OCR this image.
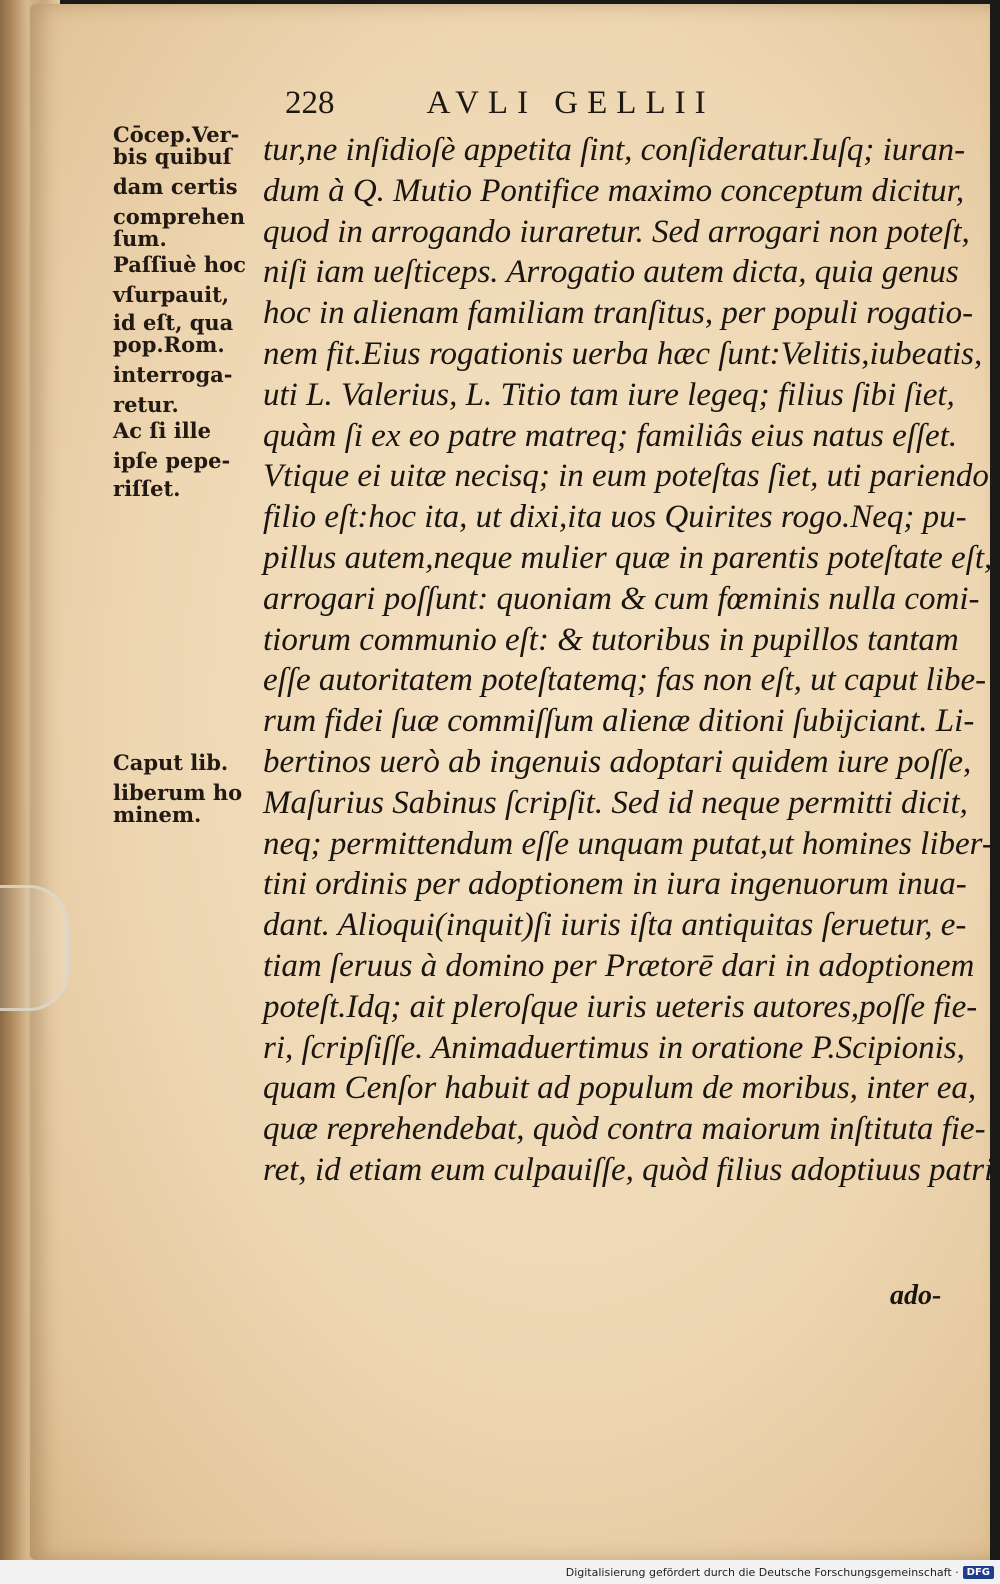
228	AVLI GELLII
Cōcep.Ver-
bis quibuſ
dam certis
comprehen
ſum.
Paſſiuè hoc
vſurpauit,
id eſt, qua
pop.Rom.
interroga-
retur.
Ac ſi ille
ipſe pepe-
riſſet.
Caput lib.
liberum ho
minem.
tur,ne inſidioſè appetita ſint, conſideratur.Iuſq; iuran-
dum à Q. Mutio Pontifice maximo conceptum dicitur,
quod in arrogando iuraretur. Sed arrogari non poteſt,
niſi iam ueſticeps. Arrogatio autem dicta, quia genus
hoc in alienam familiam tranſitus, per populi rogatio-
nem fit.Eius rogationis uerba hæc ſunt:Velitis,iubeatis,
uti L. Valerius, L. Titio tam iure legeq; filius ſibi ſiet,
quàm ſi ex eo patre matreq; familiâs eius natus eſſet.
Vtique ei uitæ necisq; in eum poteſtas ſiet, uti pariendo
filio eſt:hoc ita, ut dixi,ita uos Quirites rogo.Neq; pu-
pillus autem,neque mulier quæ in parentis poteſtate eſt,
arrogari poſſunt: quoniam & cum fœminis nulla comi-
tiorum communio eſt: & tutoribus in pupillos tantam
eſſe autoritatem poteſtatemq; fas non eſt, ut caput libe-
rum fidei ſuæ commiſſum alienæ ditioni ſubijciant. Li-
bertinos uerò ab ingenuis adoptari quidem iure poſſe,
Maſurius Sabinus ſcripſit. Sed id neque permitti dicit,
neq; permittendum eſſe unquam putat,ut homines liber-
tini ordinis per adoptionem in iura ingenuorum inua-
dant. Alioqui(inquit)ſi iuris iſta antiquitas ſeruetur, e-
tiam ſeruus à domino per Prætorē dari in adoptionem
poteſt.Idq; ait pleroſque iuris ueteris autores,poſſe fie-
ri, ſcripſiſſe. Animaduertimus in oratione P.Scipionis,
quam Cenſor habuit ad populum de moribus, inter ea,
quæ reprehendebat, quòd contra maiorum inſtituta fie-
ret, id etiam eum culpauiſſe, quòd filius adoptiuus patri
ado-
Digitalisierung gefördert durch die Deutsche Forschungsgemeinschaft · DFG
